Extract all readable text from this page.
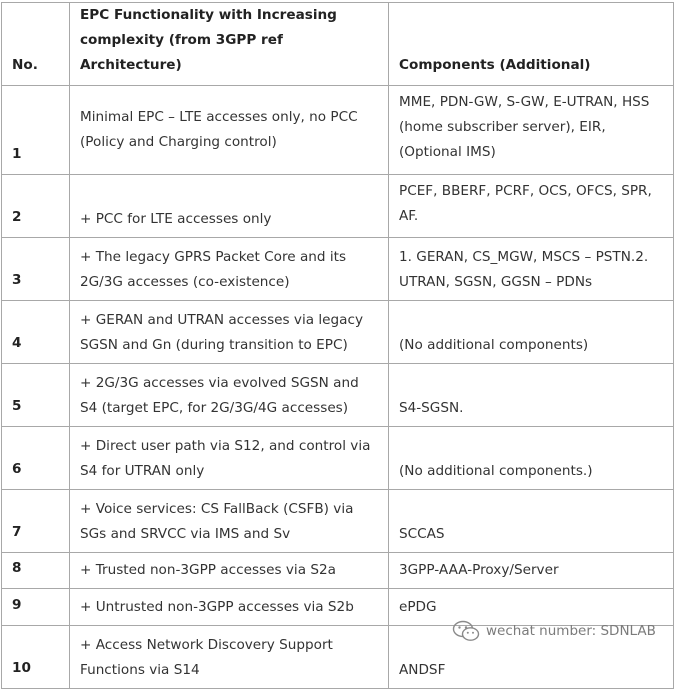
No.	EPC Functionality with Increasing complexity (from 3GPP ref Architecture)	Components (Additional)
1	Minimal EPC – LTE accesses only, no PCC (Policy and Charging control)	MME, PDN-GW, S-GW, E-UTRAN, HSS (home subscriber server), EIR, (Optional IMS)
2	+ PCC for LTE accesses only	PCEF, BBERF, PCRF, OCS, OFCS, SPR, AF.
3	+ The legacy GPRS Packet Core and its 2G/3G accesses (co-existence)	1. GERAN, CS_MGW, MSCS – PSTN.2. UTRAN, SGSN, GGSN – PDNs
4	+ GERAN and UTRAN accesses via legacy SGSN and Gn (during transition to EPC)	(No additional components)
5	+ 2G/3G accesses via evolved SGSN and S4 (target EPC, for 2G/3G/4G accesses)	S4-SGSN.
6	+ Direct user path via S12, and control via S4 for UTRAN only	(No additional components.)
7	+ Voice services: CS FallBack (CSFB) via SGs and SRVCC via IMS and Sv	SCCAS
8	+ Trusted non-3GPP accesses via S2a	3GPP-AAA-Proxy/Server
9	+ Untrusted non-3GPP accesses via S2b	ePDG
10	+ Access Network Discovery Support Functions via S14	ANDSF
wechat number: SDNLAB
